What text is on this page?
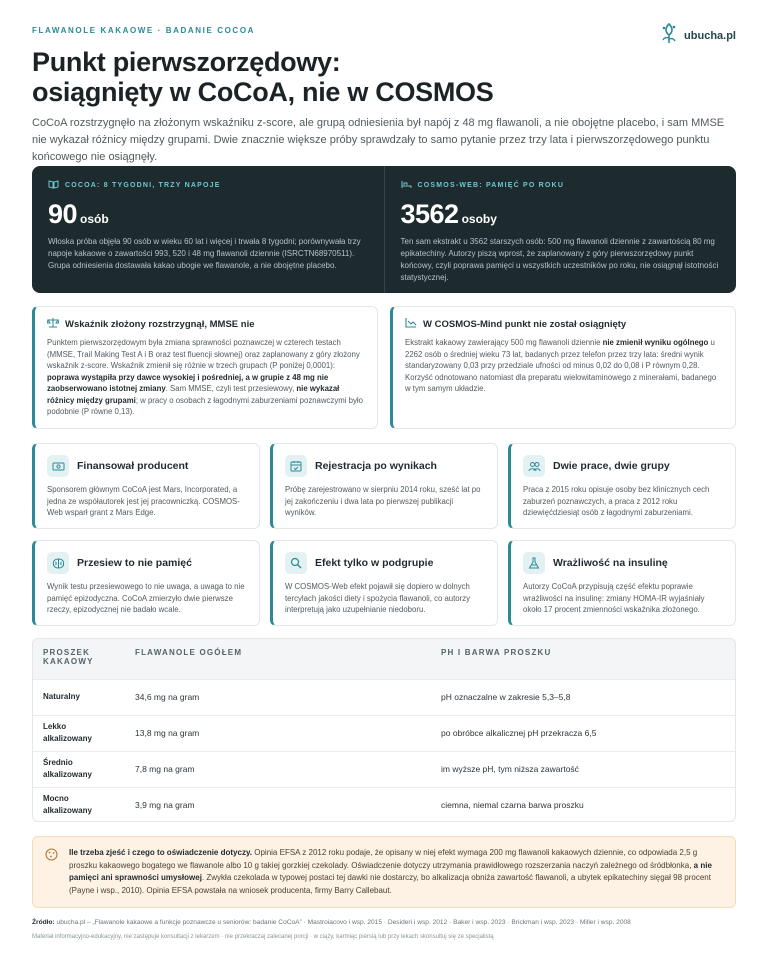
FLAWANOLE KAKAOWE · BADANIE COCOA	ubucha.pl
Punkt pierwszorzędowy:
osiągnięty w CoCoA, nie w COSMOS

CoCoA rozstrzygnęło na złożonym wskaźniku z-score, ale grupą odniesienia był napój z 48 mg flawanoli, a nie obojętne placebo, i sam MMSE nie wykazał różnicy między grupami. Dwie znacznie większe próby sprawdzały to samo pytanie przez trzy lata i pierwszorzędowego punktu końcowego nie osiągnęły.

COCOA: 8 TYGODNI, TRZY NAPOJE
90 osób

Włoska próba objęła 90 osób w wieku 60 lat i więcej i trwała 8 tygodni; porównywała trzy napoje kakaowe o zawartości 993, 520 i 48 mg flawanoli dziennie (ISRCTN68970511). Grupa odniesienia dostawała kakao ubogie we flawanole, a nie obojętne placebo.

COSMOS-WEB: PAMIĘĆ PO ROKU
3562 osoby

Ten sam ekstrakt u 3562 starszych osób: 500 mg flawanoli dziennie z zawartością 80 mg epikatechiny. Autorzy piszą wprost, że zaplanowany z góry pierwszorzędowy punkt końcowy, czyli poprawa pamięci u wszystkich uczestników po roku, nie osiągnął istotności statystycznej.

Wskaźnik złożony rozstrzygnął, MMSE nie

Punktem pierwszorzędowym była zmiana sprawności poznawczej w czterech testach (MMSE, Trail Making Test A i B oraz test fluencji słownej) oraz zaplanowany z góry złożony wskaźnik z-score. Wskaźnik zmienił się różnie w trzech grupach (P poniżej 0,0001): poprawa wystąpiła przy dawce wysokiej i pośredniej, a w grupie z 48 mg nie zaobserwowano istotnej zmiany. Sam MMSE, czyli test przesiewowy, nie wykazał różnicy między grupami; w pracy o osobach z łagodnymi zaburzeniami poznawczymi było podobnie (P równe 0,13).

W COSMOS-Mind punkt nie został osiągnięty

Ekstrakt kakaowy zawierający 500 mg flawanoli dziennie nie zmienił wyniku ogólnego u 2262 osób o średniej wieku 73 lat, badanych przez telefon przez trzy lata: średni wynik standaryzowany 0,03 przy przedziale ufności od minus 0,02 do 0,08 i P równym 0,28. Korzyść odnotowano natomiast dla preparatu wielowitaminowego z minerałami, badanego w tym samym układzie.

Finansował producent

Sponsorem głównym CoCoA jest Mars, Incorporated, a jedna ze współautorek jest jej pracowniczką. COSMOS-Web wsparł grant z Mars Edge.

Rejestracja po wynikach

Próbę zarejestrowano w sierpniu 2014 roku, sześć lat po jej zakończeniu i dwa lata po pierwszej publikacji wyników.

Dwie prace, dwie grupy

Praca z 2015 roku opisuje osoby bez klinicznych cech zaburzeń poznawczych, a praca z 2012 roku dziewięćdziesiąt osób z łagodnymi zaburzeniami.

Przesiew to nie pamięć

Wynik testu przesiewowego to nie uwaga, a uwaga to nie pamięć epizodyczna. CoCoA zmierzyło dwie pierwsze rzeczy, epizodycznej nie badało wcale.

Efekt tylko w podgrupie

W COSMOS-Web efekt pojawił się dopiero w dolnych tercylach jakości diety i spożycia flawanoli, co autorzy interpretują jako uzupełnianie niedoboru.

Wrażliwość na insulinę

Autorzy CoCoA przypisują część efektu poprawie wrażliwości na insulinę: zmiany HOMA-IR wyjaśniały około 17 procent zmienności wskaźnika złożonego.

PROSZEK KAKAOWY	FLAWANOLE OGÓŁEM	PH I BARWA PROSZKU
Naturalny	34,6 mg na gram	pH oznaczalne w zakresie 5,3–5,8
Lekko alkalizowany	13,8 mg na gram	po obróbce alkalicznej pH przekracza 6,5
Średnio alkalizowany	7,8 mg na gram	im wyższe pH, tym niższa zawartość
Mocno alkalizowany	3,9 mg na gram	ciemna, niemal czarna barwa proszku

Ile trzeba zjeść i czego to oświadczenie dotyczy. Opinia EFSA z 2012 roku podaje, że opisany w niej efekt wymaga 200 mg flawanoli kakaowych dziennie, co odpowiada 2,5 g proszku kakaowego bogatego we flawanole albo 10 g takiej gorzkiej czekolady. Oświadczenie dotyczy utrzymania prawidłowego rozszerzania naczyń zależnego od śródbłonka, a nie pamięci ani sprawności umysłowej. Zwykła czekolada w typowej postaci tej dawki nie dostarczy, bo alkalizacja obniża zawartość flawanoli, a ubytek epikatechiny sięgał 98 procent (Payne i wsp., 2010). Opinia EFSA powstała na wniosek producenta, firmy Barry Callebaut.

Źródło: ubucha.pl – „Flawanole kakaowe a funkcje poznawcze u seniorów: badanie CoCoA” · Mastroiacovo i wsp. 2015 · Desideri i wsp. 2012 · Baker i wsp. 2023 · Brickman i wsp. 2023 · Miller i wsp. 2008

Materiał informacyjno-edukacyjny, nie zastępuje konsultacji z lekarzem · nie przekraczaj zalecanej porcji · w ciąży, karmiąc piersią lub przy lekach skonsultuj się ze specjalistą
